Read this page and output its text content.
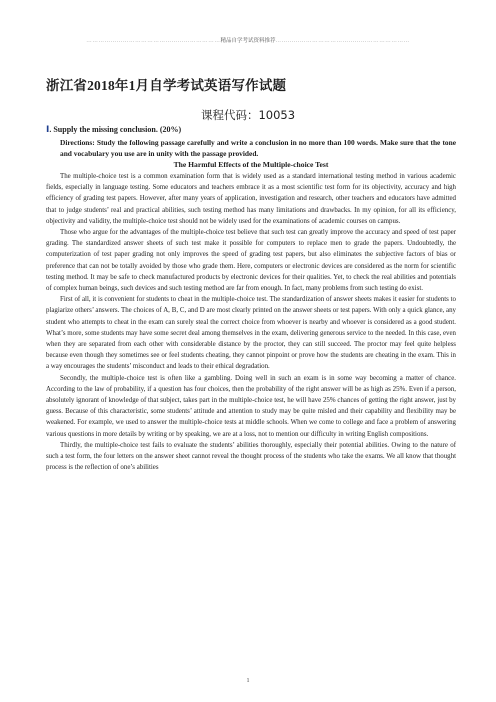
…………………………………………………………精品自学考试资料推荐…………………………………………………………
浙江省2018年1月自学考试英语写作试题
课程代码：10053
Ⅰ. Supply the missing conclusion. (20%)
Directions: Study the following passage carefully and write a conclusion in no more than 100 words. Make sure that the tone and vocabulary you use are in unity with the passage provided.
The Harmful Effects of the Multiple-choice Test

The multiple-choice test is a common examination form that is widely used as a standard international testing method in various academic fields, especially in language testing. Some educators and teachers embrace it as a most scientific test form for its objectivity, accuracy and high efficiency of grading test papers. However, after many years of application, investigation and research, other teachers and educators have admitted that to judge students’ real and practical abilities, such testing method has many limitations and drawbacks. In my opinion, for all its efficiency, objectivity and validity, the multiple-choice test should not be widely used for the examinations of academic courses on campus.

Those who argue for the advantages of the multiple-choice test believe that such test can greatly improve the accuracy and speed of test paper grading. The standardized answer sheets of such test make it possible for computers to replace men to grade the papers. Undoubtedly, the computerization of test paper grading not only improves the speed of grading test papers, but also eliminates the subjective factors of bias or preference that can not be totally avoided by those who grade them. Here, computers or electronic devices are considered as the norm for scientific testing method. It may be safe to check manufactured products by electronic devices for their qualities. Yet, to check the real abilities and potentials of complex human beings, such devices and such testing method are far from enough. In fact, many problems from such testing do exist.

First of all, it is convenient for students to cheat in the multiple-choice test. The standardization of answer sheets makes it easier for students to plagiarize others’ answers. The choices of A, B, C, and D are most clearly printed on the answer sheets or test papers. With only a quick glance, any student who attempts to cheat in the exam can surely steal the correct choice from whoever is nearby and whoever is considered as a good student. What’s more, some students may have some secret deal among themselves in the exam, delivering generous service to the needed. In this case, even when they are separated from each other with considerable distance by the proctor, they can still succeed. The proctor may feel quite helpless because even though they sometimes see or feel students cheating, they cannot pinpoint or prove how the students are cheating in the exam. This in a way encourages the students’ misconduct and leads to their ethical degradation.

Secondly, the multiple-choice test is often like a gambling. Doing well in such an exam is in some way becoming a matter of chance. According to the law of probability, if a question has four choices, then the probability of the right answer will be as high as 25%. Even if a person, absolutely ignorant of knowledge of that subject, takes part in the multiple-choice test, he will have 25% chances of getting the right answer, just by guess. Because of this characteristic, some students’ attitude and attention to study may be quite misled and their capability and flexibility may be weakened. For example, we used to answer the multiple-choice tests at middle schools. When we come to college and face a problem of answering various questions in more details by writing or by speaking, we are at a loss, not to mention our difficulty in writing English compositions.

Thirdly, the multiple-choice test fails to evaluate the students’ abilities thoroughly, especially their potential abilities. Owing to the nature of such a test form, the four letters on the answer sheet cannot reveal the thought process of the students who take the exams. We all know that thought process is the reflection of one’s abilities

1
